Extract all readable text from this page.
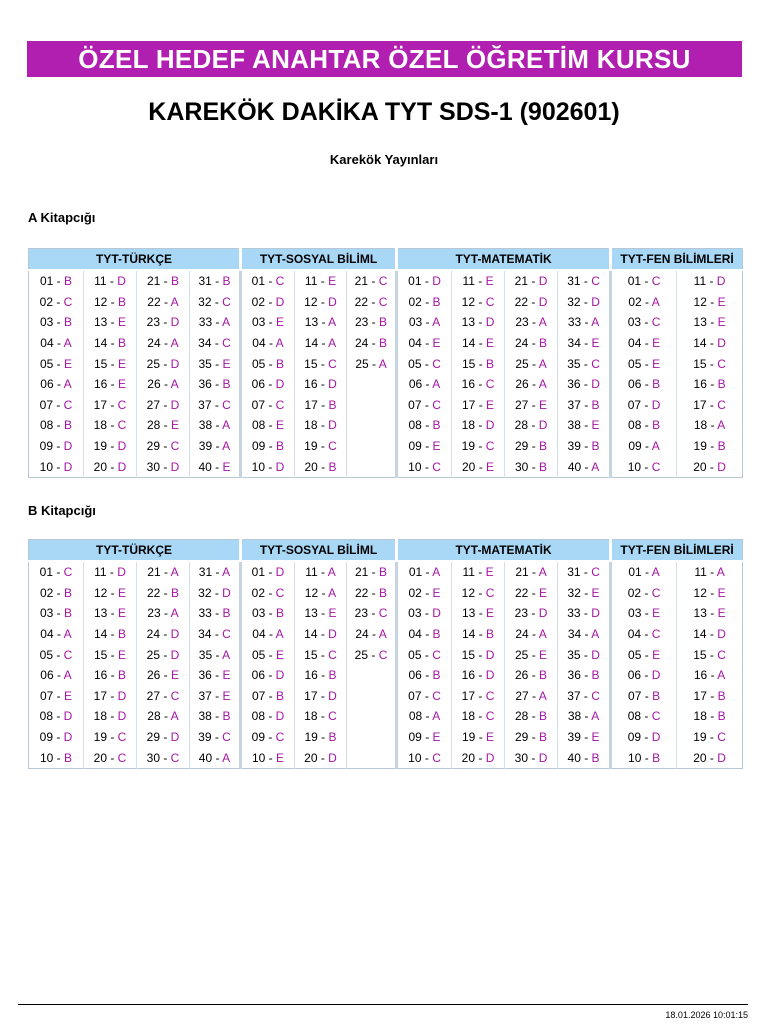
ÖZEL HEDEF ANAHTAR ÖZEL ÖĞRETİM KURSU
KAREKÖK DAKİKA TYT SDS-1 (902601)
Karekök Yayınları
A Kitapcığı
TYT-TÜRKÇE				TYT-SOSYAL BİLİML			TYT-MATEMATİK				TYT-FEN BİLİMLERİ	
01 - B	11 - D	21 - B	31 - B	01 - C	11 - E	21 - C	01 - D	11 - E	21 - D	31 - C	01 - C	11 - D
02 - C	12 - B	22 - A	32 - C	02 - D	12 - D	22 - C	02 - B	12 - C	22 - D	32 - D	02 - A	12 - E
03 - B	13 - E	23 - D	33 - A	03 - E	13 - A	23 - B	03 - A	13 - D	23 - A	33 - A	03 - C	13 - E
04 - A	14 - B	24 - A	34 - C	04 - A	14 - A	24 - B	04 - E	14 - E	24 - B	34 - E	04 - E	14 - D
05 - E	15 - E	25 - D	35 - E	05 - B	15 - C	25 - A	05 - C	15 - B	25 - A	35 - C	05 - E	15 - C
06 - A	16 - E	26 - A	36 - B	06 - D	16 - D		06 - A	16 - C	26 - A	36 - D	06 - B	16 - B
07 - C	17 - C	27 - D	37 - C	07 - C	17 - B		07 - C	17 - E	27 - E	37 - B	07 - D	17 - C
08 - B	18 - C	28 - E	38 - A	08 - E	18 - D		08 - B	18 - D	28 - D	38 - E	08 - B	18 - A
09 - D	19 - D	29 - C	39 - A	09 - B	19 - C		09 - E	19 - C	29 - B	39 - B	09 - A	19 - B
10 - D	20 - D	30 - D	40 - E	10 - D	20 - B		10 - C	20 - E	30 - B	40 - A	10 - C	20 - D
B Kitapcığı
TYT-TÜRKÇE				TYT-SOSYAL BİLİML			TYT-MATEMATİK				TYT-FEN BİLİMLERİ	
01 - C	11 - D	21 - A	31 - A	01 - D	11 - A	21 - B	01 - A	11 - E	21 - A	31 - C	01 - A	11 - A
02 - B	12 - E	22 - B	32 - D	02 - C	12 - A	22 - B	02 - E	12 - C	22 - E	32 - E	02 - C	12 - E
03 - B	13 - E	23 - A	33 - B	03 - B	13 - E	23 - C	03 - D	13 - E	23 - D	33 - D	03 - E	13 - E
04 - A	14 - B	24 - D	34 - C	04 - A	14 - D	24 - A	04 - B	14 - B	24 - A	34 - A	04 - C	14 - D
05 - C	15 - E	25 - D	35 - A	05 - E	15 - C	25 - C	05 - C	15 - D	25 - E	35 - D	05 - E	15 - C
06 - A	16 - B	26 - E	36 - E	06 - D	16 - B		06 - B	16 - D	26 - B	36 - B	06 - D	16 - A
07 - E	17 - D	27 - C	37 - E	07 - B	17 - D		07 - C	17 - C	27 - A	37 - C	07 - B	17 - B
08 - D	18 - D	28 - A	38 - B	08 - D	18 - C		08 - A	18 - C	28 - B	38 - A	08 - C	18 - B
09 - D	19 - C	29 - D	39 - C	09 - C	19 - B		09 - E	19 - E	29 - B	39 - E	09 - D	19 - C
10 - B	20 - C	30 - C	40 - A	10 - E	20 - D		10 - C	20 - D	30 - D	40 - B	10 - B	20 - D
18.01.2026 10:01:15
